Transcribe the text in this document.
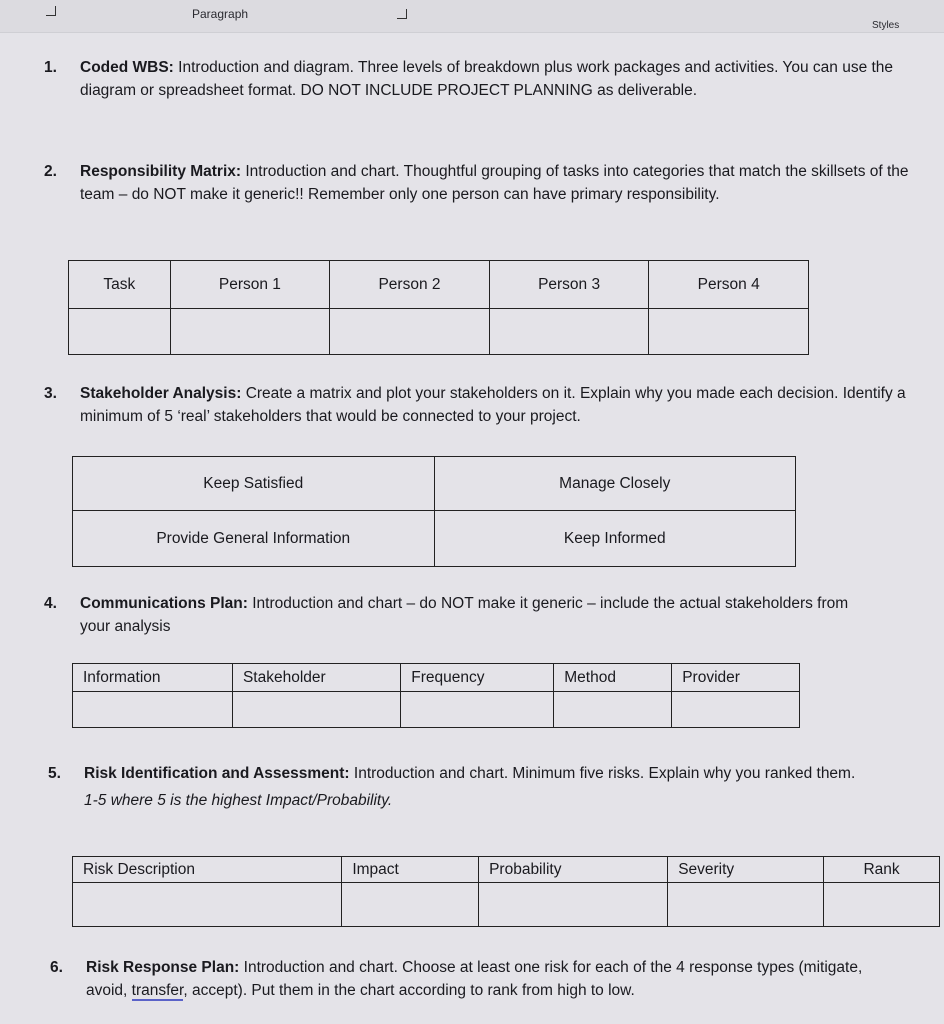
Paragraph
Styles
1. Coded WBS: Introduction and diagram. Three levels of breakdown plus work packages and activities. You can use the diagram or spreadsheet format. DO NOT INCLUDE PROJECT PLANNING as deliverable.
2. Responsibility Matrix: Introduction and chart. Thoughtful grouping of tasks into categories that match the skillsets of the team – do NOT make it generic!! Remember only one person can have primary responsibility.
Task	Person 1	Person 2	Person 3	Person 4

3. Stakeholder Analysis: Create a matrix and plot your stakeholders on it. Explain why you made each decision. Identify a minimum of 5 ‘real’ stakeholders that would be connected to your project.
Keep Satisfied	Manage Closely
Provide General Information	Keep Informed
4. Communications Plan: Introduction and chart – do NOT make it generic – include the actual stakeholders from your analysis
Information	Stakeholder	Frequency	Method	Provider

5. Risk Identification and Assessment: Introduction and chart. Minimum five risks. Explain why you ranked them.
1-5 where 5 is the highest Impact/Probability.
Risk Description	Impact	Probability	Severity	Rank

6. Risk Response Plan: Introduction and chart. Choose at least one risk for each of the 4 response types (mitigate, avoid, transfer, accept). Put them in the chart according to rank from high to low.
